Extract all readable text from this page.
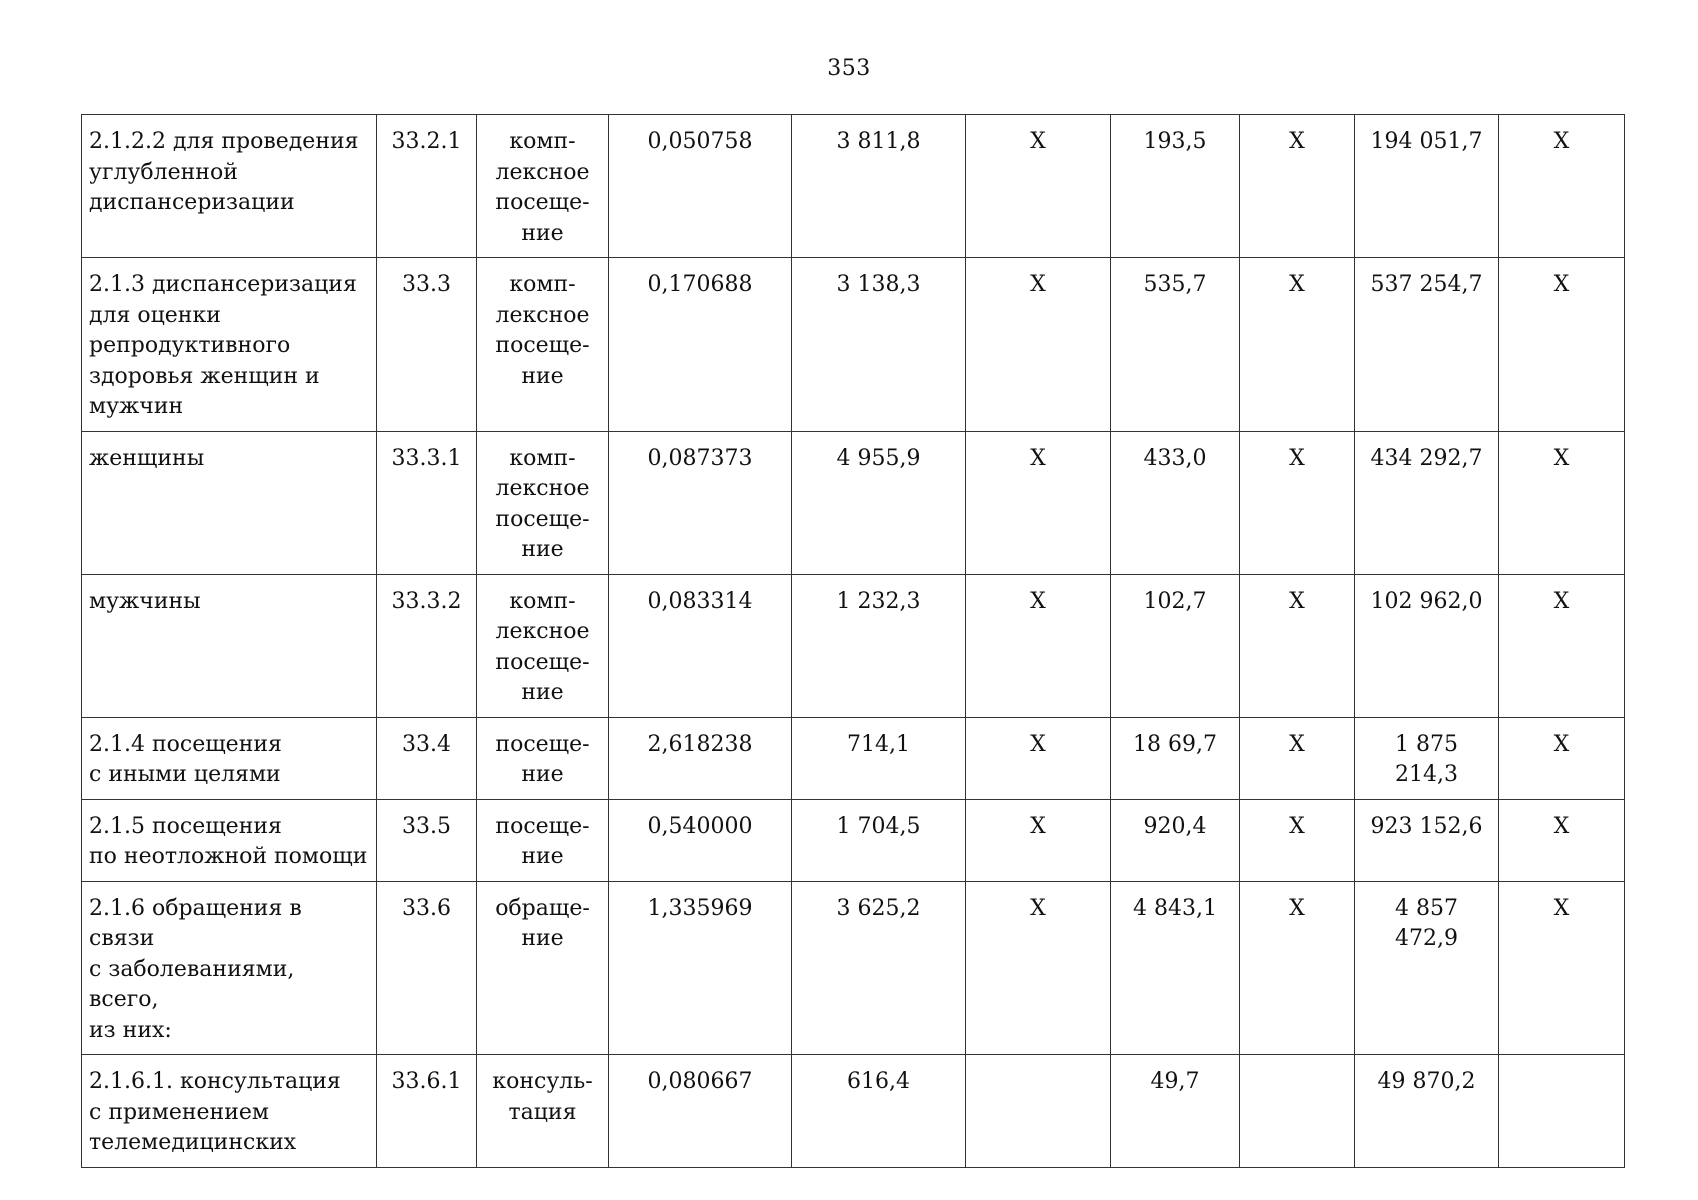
353
2.1.2.2 для проведения
углубленной
диспансеризации	33.2.1	комп-
лексное
посеще-
ние	0,050758	3 811,8	X	193,5	X	194 051,7	X
2.1.3 диспансеризация
для оценки
репродуктивного
здоровья женщин и
мужчин	33.3	комп-
лексное
посеще-
ние	0,170688	3 138,3	X	535,7	X	537 254,7	X
женщины	33.3.1	комп-
лексное
посеще-
ние	0,087373	4 955,9	X	433,0	X	434 292,7	X
мужчины	33.3.2	комп-
лексное
посеще-
ние	0,083314	1 232,3	X	102,7	X	102 962,0	X
2.1.4 посещения
с иными целями	33.4	посеще-
ние	2,618238	714,1	X	18 69,7	X	1 875 214,3	X
2.1.5 посещения
по неотложной помощи	33.5	посеще-
ние	0,540000	1 704,5	X	920,4	X	923 152,6	X
2.1.6 обращения в связи
с заболеваниями, всего,
из них:	33.6	обраще-
ние	1,335969	3 625,2	X	4 843,1	X	4 857 472,9	X
2.1.6.1. консультация
с применением
телемедицинских	33.6.1	консуль-
тация	0,080667	616,4		49,7		49 870,2	
